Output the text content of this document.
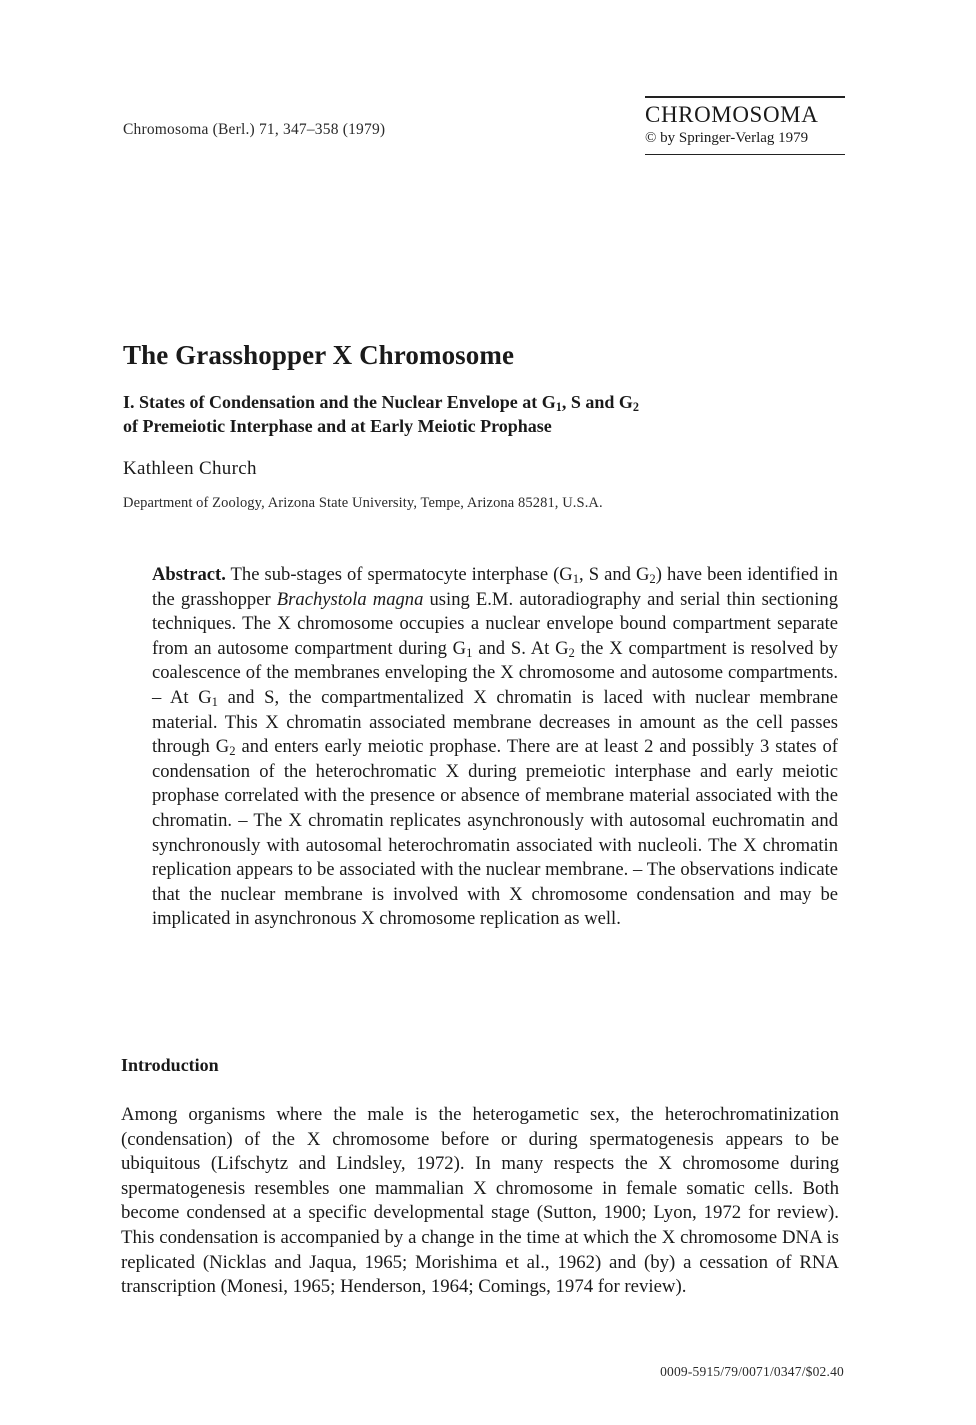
Chromosoma (Berl.) 71, 347–358 (1979)
CHROMOSOMA
© by Springer-Verlag 1979
The Grasshopper X Chromosome
I. States of Condensation and the Nuclear Envelope at $G_1$, S and $G_2$
of Premeiotic Interphase and at Early Meiotic Prophase
Kathleen Church
Department of Zoology, Arizona State University, Tempe, Arizona 85281, U.S.A.

Abstract. The sub-stages of spermatocyte interphase ($G_1$, S and $G_2$) have been identified in the grasshopper Brachystola magna using E.M. autoradiography and serial thin sectioning techniques. The X chromosome occupies a nuclear envelope bound compartment separate from an autosome compartment during $G_1$ and S. At $G_2$ the X compartment is resolved by coalescence of the membranes enveloping the X chromosome and autosome compartments. – At $G_1$ and S, the compartmentalized X chromatin is laced with nuclear membrane material. This X chromatin associated membrane decreases in amount as the cell passes through $G_2$ and enters early meiotic prophase. There are at least 2 and possibly 3 states of condensation of the heterochromatic X during premeiotic interphase and early meiotic prophase correlated with the presence or absence of membrane material associated with the chromatin. – The X chromatin replicates asynchronously with autosomal euchromatin and synchronously with autosomal heterochromatin associated with nucleoli. The X chromatin replication appears to be associated with the nuclear membrane. – The observations indicate that the nuclear membrane is involved with X chromosome condensation and may be implicated in asynchronous X chromosome replication as well.

Introduction

Among organisms where the male is the heterogametic sex, the heterochromatinization (condensation) of the X chromosome before or during spermatogenesis appears to be ubiquitous (Lifschytz and Lindsley, 1972). In many respects the X chromosome during spermatogenesis resembles one mammalian X chromosome in female somatic cells. Both become condensed at a specific developmental stage (Sutton, 1900; Lyon, 1972 for review). This condensation is accompanied by a change in the time at which the X chromosome DNA is replicated (Nicklas and Jaqua, 1965; Morishima et al., 1962) and (by) a cessation of RNA transcription (Monesi, 1965; Henderson, 1964; Comings, 1974 for review).

0009-5915/79/0071/0347/$02.40
